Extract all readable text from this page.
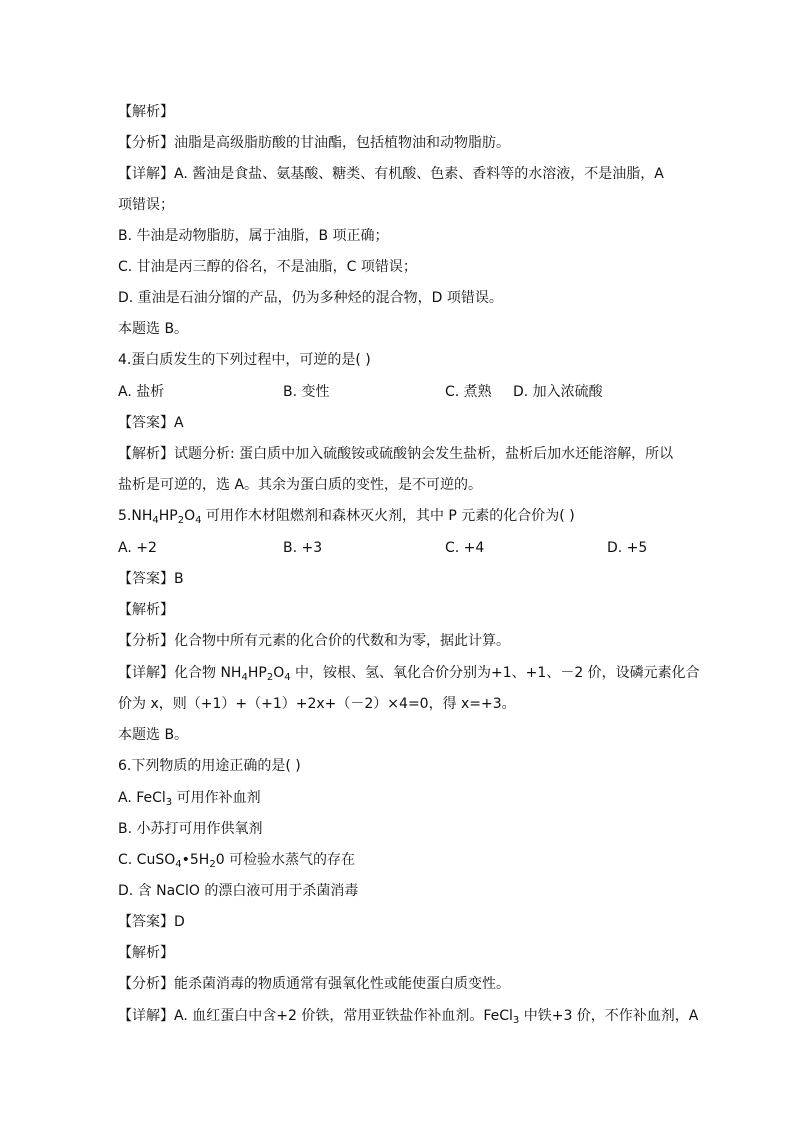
【解析】
【分析】油脂是高级脂肪酸的甘油酯，包括植物油和动物脂肪。
【详解】A. 酱油是食盐、氨基酸、糖类、有机酸、色素、香料等的水溶液，不是油脂，A
项错误；
B. 牛油是动物脂肪，属于油脂，B 项正确；
C. 甘油是丙三醇的俗名，不是油脂，C 项错误；
D. 重油是石油分馏的产品，仍为多种烃的混合物，D 项错误。
本题选 B。
4.蛋白质发生的下列过程中，可逆的是( )
A. 盐析	B. 变性	C. 煮熟 D. 加入浓硫酸
【答案】A
【解析】试题分析: 蛋白质中加入硫酸铵或硫酸钠会发生盐析，盐析后加水还能溶解，所以
盐析是可逆的，选 A。其余为蛋白质的变性，是不可逆的。
$5.NH_4HP_2O_4$ 可用作木材阻燃剂和森林灭火剂，其中 P 元素的化合价为( )
A. +2	B. +3	C. +4	D. +5
【答案】B
【解析】
【分析】化合物中所有元素的化合价的代数和为零，据此计算。
【详解】化合物 $NH_4HP_2O_4$ 中，铵根、氢、氧化合价分别为+1、+1、－2 价，设磷元素化合
价为 x，则（+1）+（+1）+2x+（－2）×4=0，得 x=+3。
本题选 B。
6.下列物质的用途正确的是( )
A. FeCl$_3$ 可用作补血剂
B. 小苏打可用作供氧剂
C. $CuSO_4•5H_20$ 可检验水蒸气的存在
D. 含 NaClO 的漂白液可用于杀菌消毒
【答案】D
【解析】
【分析】能杀菌消毒的物质通常有强氧化性或能使蛋白质变性。
【详解】A. 血红蛋白中含+2 价铁，常用亚铁盐作补血剂。FeCl$_3$ 中铁+3 价，不作补血剂，A
